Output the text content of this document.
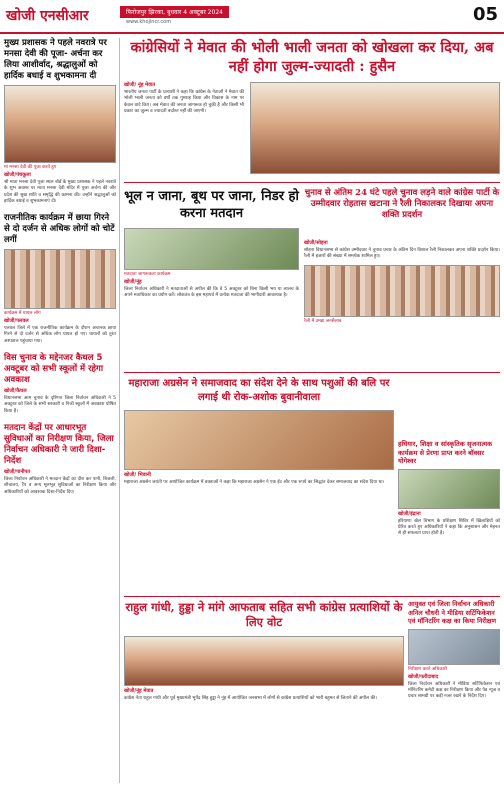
खोजी एनसीआर	फिरोजपुर झिरका, बुधवार 4 अक्टूबर 2024
www.khojincr.com	05
मुख्य प्रशासक ने पहले नवरात्रे पर मनसा देवी की पूजा- अर्चना कर लिया आशीर्वाद, श्रद्धालुओं को हार्दिक बधाई व शुभकामना दी
मां मनसा देवी की पूजा करते हुए
खोजी/पंचकूला
श्री माता मनसा देवी पूजा स्थल बोर्ड के मुख्य प्रशासक ने पहले नवरात्रे के शुभ अवसर पर माता मनसा देवी मंदिर में पूजा अर्चना की और प्रदेश की सुख शांति व समृद्धि की कामना की। उन्होंने श्रद्धालुओं को हार्दिक बधाई व शुभकामनाएं दी।
राजनीतिक कार्यक्रम में छाया गिरने से दो दर्जन से अधिक लोगों को चोटें लगीं
कार्यक्रम में घायल लोग
खोजी/पलवल
पलवल जिले में एक राजनीतिक कार्यक्रम के दौरान अचानक छाया गिरने से दो दर्जन से अधिक लोग घायल हो गए। घायलों को तुरंत अस्पताल पहुंचाया गया।
विस चुनाव के मद्देनजर कैथल 5 अक्टूबर को सभी स्कूलों में रहेगा अवकाश
खोजी/कैथल
विधानसभा आम चुनाव के दृष्टिगत जिला निर्वाचन अधिकारी ने 5 अक्टूबर को जिले के सभी सरकारी व निजी स्कूलों में अवकाश घोषित किया है।
मतदान केंद्रों पर आधारभूत सुविधाओं का निरीक्षण किया, जिला निर्वाचन अधिकारी ने जारी दिशा-निर्देश
खोजी/पानीपत
जिला निर्वाचन अधिकारी ने मतदान केंद्रों का दौरा कर पानी, बिजली, शौचालय, रैंप व अन्य मूलभूत सुविधाओं का निरीक्षण किया और अधिकारियों को आवश्यक दिशा-निर्देश दिए।
कांग्रेसियों ने मेवात की भोली भाली जनता को खोखला कर दिया, अब नहीं होगा जुल्म-ज्यादती : हुसैन
खोजी/ नूंह मेवात
भारतीय जनता पार्टी के प्रत्याशी ने कहा कि कांग्रेस के नेताओं ने मेवात की भोली भाली जनता को वर्षों तक गुमराह किया और विकास के नाम पर केवल वादे किए। अब मेवात की जनता जागरूक हो चुकी है और किसी भी प्रकार का जुल्म व ज्यादती बर्दाश्त नहीं की जाएगी।
भूल न जाना, बूथ पर जाना, निडर हो करना मतदान
मतदाता जागरूकता कार्यक्रम
खोजी/नूंह
जिला निर्वाचन अधिकारी ने मतदाताओं से अपील की कि वे 5 अक्टूबर को बिना किसी भय या लालच के अपने मताधिकार का प्रयोग करें। लोकतंत्र के इस महापर्व में प्रत्येक मतदाता की भागीदारी आवश्यक है।
चुनाव से अंतिम 24 घंटे पहले चुनाव लड़ने वाले कांग्रेस पार्टी के उम्मीदवार रोहतास खटाना ने रैली निकालकर दिखाया अपना शक्ति प्रदर्शन
खोजी/सोहना
सोहना विधानसभा से कांग्रेस उम्मीदवार ने चुनाव प्रचार के अंतिम दिन विशाल रैली निकालकर अपना शक्ति प्रदर्शन किया। रैली में हजारों की संख्या में समर्थक शामिल हुए।
रैली में उमड़ा जनसैलाब
महाराजा अग्रसेन ने समाजवाद का संदेश देने के साथ पशुओं की बलि पर लगाई थी रोक-अशोक बुवानीवाला
खोजी/ भिवानी
महाराजा अग्रसेन जयंती पर आयोजित कार्यक्रम में वक्ताओं ने कहा कि महाराजा अग्रसेन ने एक ईंट और एक रुपये का सिद्धांत देकर समाजवाद का संदेश दिया था।
हथियार, शिक्षा व सांस्कृतिक सृजनात्मक कार्यक्रम से प्रेरणा प्राप्त करने बॉक्सर योगेश्वर
खोजी/इंद्राना
हरियाणा खेल विभाग के प्रशिक्षण शिविर में खिलाड़ियों को प्रेरित करते हुए अधिकारियों ने कहा कि अनुशासन और मेहनत से ही सफलता प्राप्त होती है।
राहुल गांधी, हुड्डा ने मांगे आफताब सहित सभी कांग्रेस प्रत्याशियों के लिए वोट
खोजी/नूंह मेवात
कांग्रेस नेता राहुल गांधी और पूर्व मुख्यमंत्री भूपेंद्र सिंह हुड्डा ने नूंह में आयोजित जनसभा में लोगों से कांग्रेस प्रत्याशियों को भारी बहुमत से जिताने की अपील की।
आयुक्त एवं जिला निर्वाचन अधिकारी अनिल चौधरी ने मीडिया सर्टिफिकेशन एवं मॉनिटरिंग कक्ष का किया निरीक्षण
निरीक्षण करते अधिकारी
खोजी/फरीदाबाद
जिला निर्वाचन अधिकारी ने मीडिया सर्टिफिकेशन एवं मॉनिटरिंग कमेटी कक्ष का निरीक्षण किया और पेड न्यूज व प्रचार सामग्री पर कड़ी नजर रखने के निर्देश दिए।
